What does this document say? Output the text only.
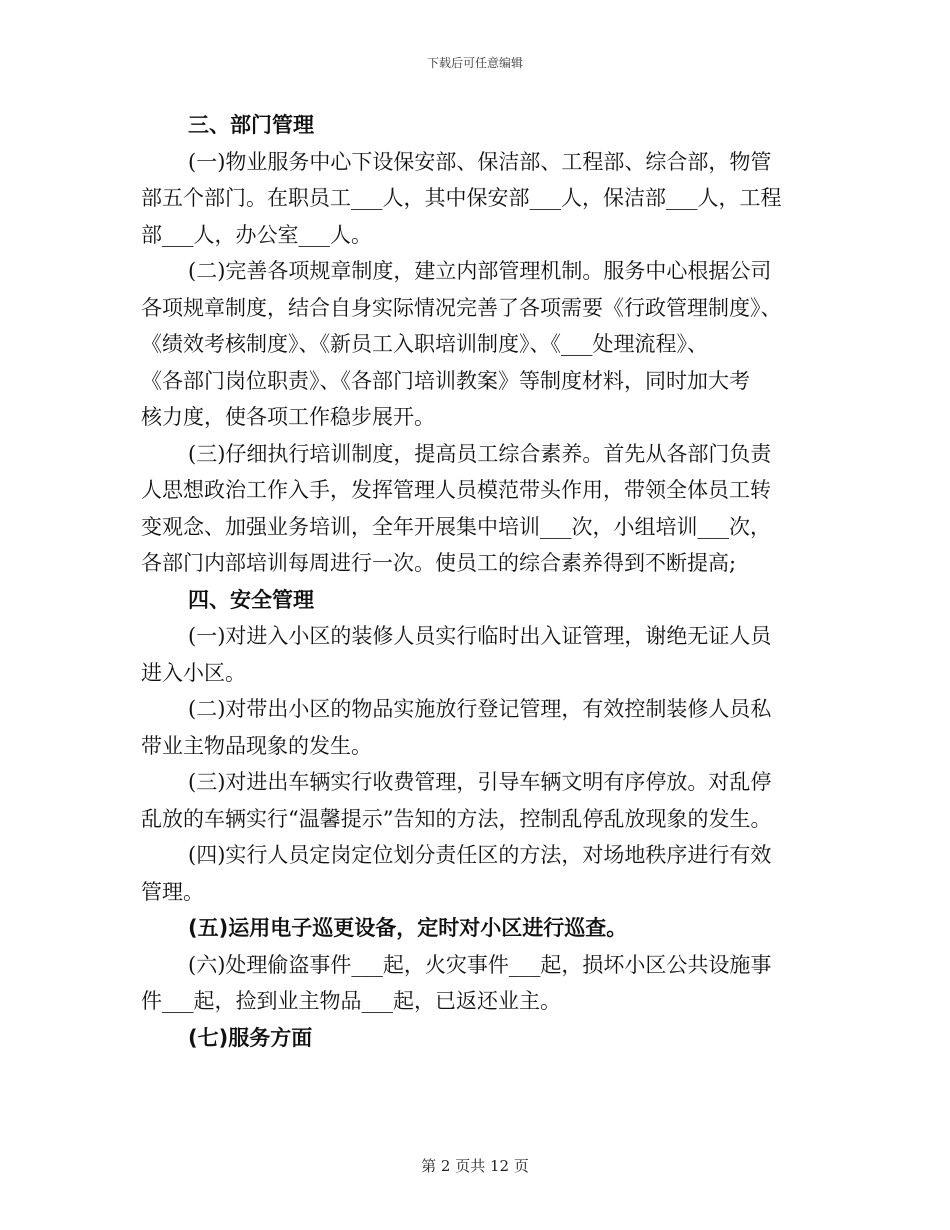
下载后可任意编辑
三、部门管理
(一)物业服务中心下设保安部、保洁部、工程部、综合部，物管
部五个部门。在职员工___人，其中保安部___人，保洁部___人，工程
部___人，办公室___人。
(二)完善各项规章制度，建立内部管理机制。服务中心根据公司
各项规章制度，结合自身实际情况完善了各项需要《行政管理制度》、
《绩效考核制度》、《新员工入职培训制度》、《___处理流程》、
《各部门岗位职责》、《各部门培训教案》等制度材料，同时加大考
核力度，使各项工作稳步展开。
(三)仔细执行培训制度，提高员工综合素养。首先从各部门负责
人思想政治工作入手，发挥管理人员模范带头作用，带领全体员工转
变观念、加强业务培训，全年开展集中培训___次，小组培训___次，
各部门内部培训每周进行一次。使员工的综合素养得到不断提高;
四、安全管理
(一)对进入小区的装修人员实行临时出入证管理，谢绝无证人员
进入小区。
(二)对带出小区的物品实施放行登记管理，有效控制装修人员私
带业主物品现象的发生。
(三)对进出车辆实行收费管理，引导车辆文明有序停放。对乱停
乱放的车辆实行“温馨提示”告知的方法，控制乱停乱放现象的发生。
(四)实行人员定岗定位划分责任区的方法，对场地秩序进行有效
管理。
(五)运用电子巡更设备，定时对小区进行巡查。
(六)处理偷盗事件___起，火灾事件___起，损坏小区公共设施事
件___起，捡到业主物品___起，已返还业主。
(七)服务方面
第 2 页共 12 页
